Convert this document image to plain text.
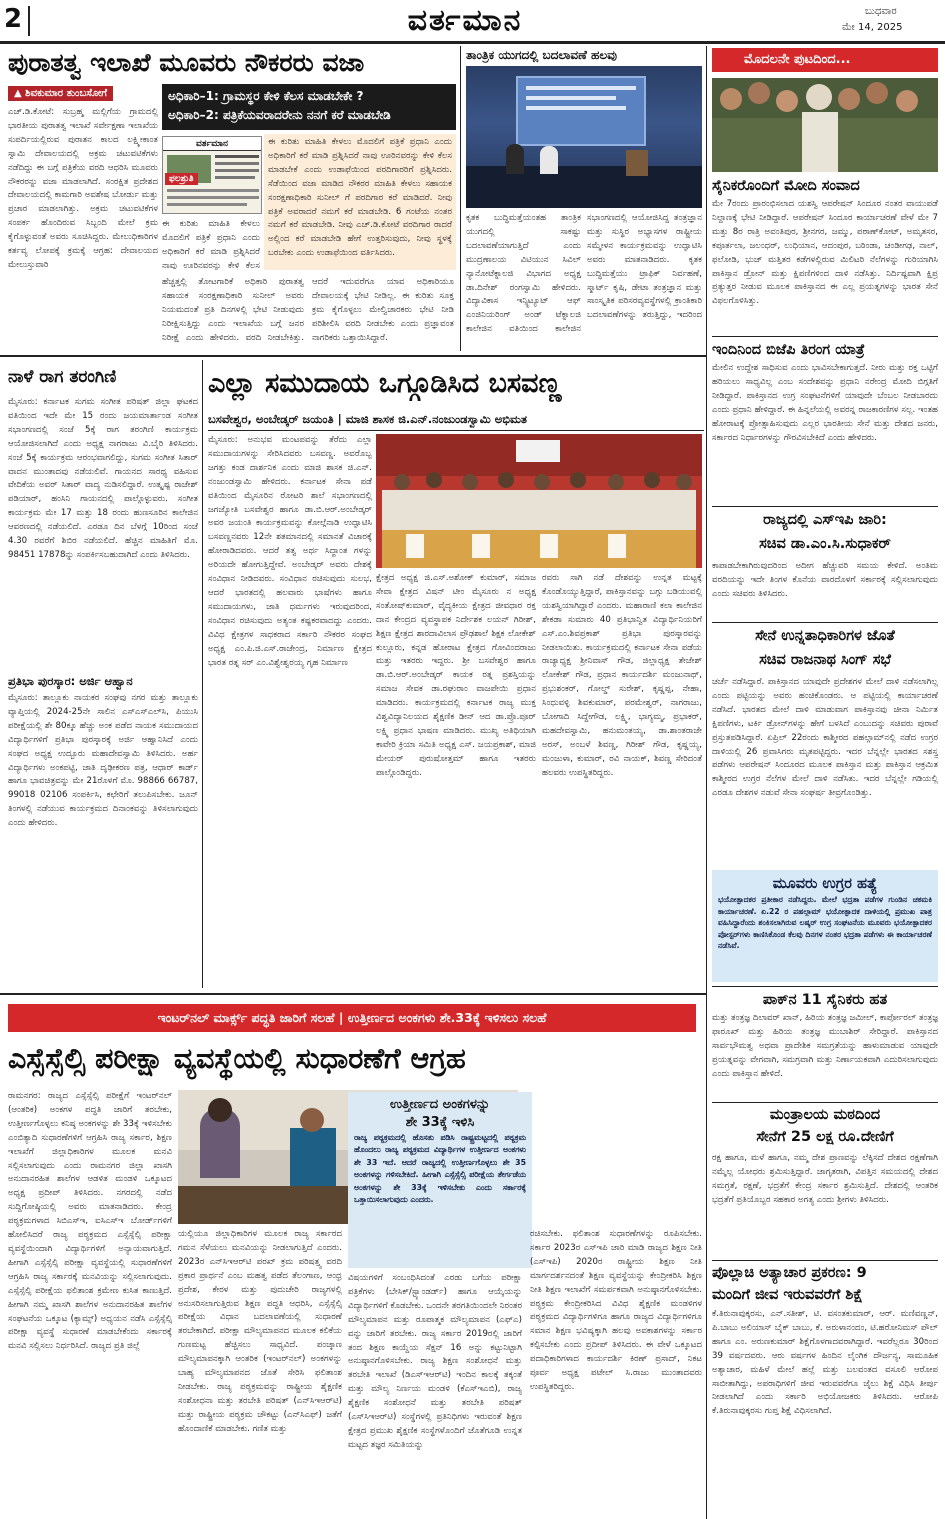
2	ವರ್ತಮಾನ	ಬುಧವಾರ
ಮೇ 14, 2025
ಪುರಾತತ್ವ ಇಲಾಖೆ ಮೂವರು ನೌಕರರು ವಜಾ
▲ ಶಿವಕುಮಾರ ತುಂಬಸೋಗೆ	ಅಧಿಕಾರಿ–1: ಗ್ರಾಮಸ್ಥರ ಕೇಳಿ ಕೆಲಸ ಮಾಡಬೇಕೇ ?
ಅಧಿಕಾರಿ–2: ಪತ್ರಿಕೆಯವರಾದರೇನು ನನಗೆ ಕರೆ ಮಾಡಬೇಡಿ
ಎಚ್.ಡಿ.ಕೋಟೆ: ಸುಬ್ರಹ್ಮ ಮಲ್ಲಿಗೆಯ ಗ್ರಾಮದಲ್ಲಿ ಭಾರತೀಯ ಪುರಾತತ್ವ ಇಲಾಖೆ ಸರ್ವೇಕ್ಷಣಾ ಇಲಾಖೆಯ ಸುಪರ್ದಿಯಲ್ಲಿರುವ ಪುರಾತನ ಕಾಲದ ಲಕ್ಷ್ಮೀಕಾಂತ ಸ್ವಾಮಿ ದೇವಾಲಯದಲ್ಲಿ ಅಕ್ರಮ ಚಟುವಟಿಕೆಗಳು ನಡೆದಿದ್ದು ಈ ಬಗ್ಗೆ ಪತ್ರಿಕೆಯ ವರದಿ ಆಧರಿಸಿ ಮೂವರು ನೌಕರರನ್ನು ವಜಾ ಮಾಡಲಾಗಿದೆ. ಸಂರಕ್ಷಿತ ಪ್ರದೇಶದ ದೇವಾಲಯದಲ್ಲಿ ಕಾಮಗಾರಿ ಅವಶೇಷ ಬೋರ್ಡು ಮತ್ತು ಪ್ರಚಾರ ಮಾಡಲಾಗಿತ್ತು. ಅಕ್ರಮ ಚಟುವಟಿಕೆಗಳ ಸಂಪರ್ಕ ಹೊಂದಿರುವ ಸಿಬ್ಬಂದಿ ಮೇಲೆ ಕ್ರಮ ಕೈಗೊಳ್ಳುವಂತೆ ಅವರು ಸೂಚಿಸಿದ್ದರು. ಮೇಲುಧಿಕಾರಿಗಳ ಕರ್ತವ್ಯ ಲೋಪಕ್ಕೆ ಕ್ರಮಕ್ಕೆ ಆಗ್ರಹ: ದೇವಾಲಯದ ಮೇಲುಸ್ತುವಾರಿ
ವರ್ತಮಾನ
ಫಲಶ್ರುತಿ
ಈ ಕುರಿತು ಮಾಹಿತಿ ಕೇಳಲು ಮೊದಲಿಗೆ ಪತ್ರಿಕೆ ಪ್ರಧಾನಿ ಎಂದು ಅಧಿಕಾರಿಗೆ ಕರೆ ಮಾಡಿ ಪ್ರಶ್ನಿಸಿದರೆ ನಾವು ಊರಿನವರನ್ನು ಕೇಳಿ ಕೆಲಸ ಮಾಡಬೇಕೆ ಎಂದು ಉಡಾಫೆಯಿಂದ ಪರದಿಗಾರರಿಗೆ ಪ್ರಶ್ನಿಸಿದರು. ಸೆಡೆಯಿಂದ ವಜಾ ಮಾಡಿದ ನೌಕರರ ಮಾಹಿತಿ ಕೇಳಲು ಸಹಾಯಕ ಸಂರಕ್ಷಣಾಧಿಕಾರಿ ಸುನೀಲ್ ಗೆ ಪರದಿಗಾರ ಕರೆ ಮಾಡಿದರೆ. ನೀವು ಪತ್ರಿಕೆ ಅವರಾದರೆ ನಮಗೆ ಕರೆ ಮಾಡಬೇಡಿ. 6 ಗಂಟೆಯ ನಂತರ ನಮಗೆ ಕರೆ ಮಾಡಬೇಡಿ. ನೀವು ಎಚ್.ಡಿ.ಕೋಟೆ ವರದಿಗಾರ ರಾದರೆ ಅಲ್ಲಿಂದ ಕರೆ ಮಾಡಬೇಡಿ ಹೇಗೆ ಉತ್ತರಿಸುವುದು, ನೀವು ಸ್ಥಳಕ್ಕೆ ಬರಬೇಕು ಎಂದು ಉಡಾಫೆಯಿಂದ ವರ್ತಿಸಿದರು.
ಈ ಕುರಿತು ಮಾಹಿತಿ ಕೇಳಲು ಮೊದಲಿಗೆ ಪತ್ರಿಕೆ ಪ್ರಧಾನಿ ಎಂದು ಅಧಿಕಾರಿಗೆ ಕರೆ ಮಾಡಿ ಪ್ರಶ್ನಿಸಿದರೆ ನಾವು ಊರಿನವರನ್ನು ಕೇಳಿ ಕೆಲಸ
ಹೆಚ್ಚತ್ತಲ್ಲಿ ತೋಟಗಾರಿಕೆ ಅಧಿಕಾರಿ ಪುರಾತತ್ವ ಸಹಾಯಕ ಸಂರಕ್ಷಣಾಧಿಕಾರಿ ಸುನೀಲ್ ಅವರು ನಿಯಮದಂತೆ ಪ್ರತಿ ದಿನಗಳಲ್ಲಿ ಭೇಟಿ ನೀಡುವುದು ನಿರೀಕ್ಷಿಸುತ್ತಿದ್ದು ಎಂದು ಇಲಾಖೆಯ ಬಗ್ಗೆ ಜನರ ನಿರೀಕ್ಷೆ ಎಂದು ಹೇಳಿದರು. ವರದಿ ನೀಡಬೇಕಿತ್ತು. ಆದರೆ ಇದುವರೆಗೂ ಯಾವ ಅಧಿಕಾರಿಯೂ ದೇವಾಲಯಕ್ಕೆ ಭೇಟಿ ನೀಡಿಲ್ಲ. ಈ ಕುರಿತು ಸೂಕ್ತ ಕ್ರಮ ಕೈಗೊಳ್ಳಲು ಮೇಲ್ವಿಚಾರಕರು ಭೇಟಿ ನೀಡಿ ಪರಿಶೀಲಿಸಿ ವರದಿ ನೀಡಬೇಕು ಎಂದು ಪ್ರಜ್ಞಾವಂತ ನಾಗರಿಕರು ಒತ್ತಾಯಿಸಿದ್ದಾರೆ.
ತಾಂತ್ರಿಕ ಯುಗದಲ್ಲಿ ಬದಲಾವಣೆ ಹಲವು
ಕೃತಕ ಬುದ್ಧಿಮತ್ತೆಯಂತಹ ತಾಂತ್ರಿಕ ಯುಗದಲ್ಲಿ ಸಾಕಷ್ಟು ಬದಲಾವಣೆಯಾಗುತ್ತಿದೆ ಎಂದು ಮುದ್ರಣಾಲಯ ವಿಟಿಯುನ ಸಿವಿಲ್ ನ್ಯಾನೋಟೆಕ್ನಾಲಜಿ ವಿಭಾಗದ ಅಧ್ಯಕ್ಷ ಡಾ.ದಿನೇಶ್ ರಂಗಸ್ವಾಮಿ ಹೇಳಿದರು. ವಿದ್ಯಾವಿಕಾಸ ಇನ್ಸ್ಟಿಟ್ಯೂಟ್ ಆಫ್ ಎಂಜಿನಿಯರಿಂಗ್ ಅಂಡ್ ಟೆಕ್ನಾಲಜಿ ಕಾಲೇಜಿನ ವತಿಯಿಂದ ಕಾಲೇಜಿನ ಸಭಾಂಗಣದಲ್ಲಿ ಆಯೋಜಿಸಿದ್ದ ತಂತ್ರಜ್ಞಾನ ಮತ್ತು ಸುಸ್ಥಿರ ಅಭ್ಯಾಸಗಳ ರಾಷ್ಟ್ರೀಯ ಸಮ್ಮೇಳನ ಕಾರ್ಯಕ್ರಮವನ್ನು ಉದ್ಘಾಟಿಸಿ ಅವರು ಮಾತನಾಡಿದರು. ಕೃತಕ ಬುದ್ಧಿಮತ್ತೆಯು ಟ್ರಾಫಿಕ್ ನಿರ್ವಹಣೆ, ಸ್ಮಾರ್ಟ್ ಕೃಷಿ, ಡೇಟಾ ತಂತ್ರಜ್ಞಾನ ಮತ್ತು ಸಾಂಸ್ಕೃತಿಕ ಪರಿಸರವ್ಯವಸ್ಥೆಗಳಲ್ಲಿ ಕ್ರಾಂತಿಕಾರಿ ಬದಲಾವಣೆಗಳನ್ನು ತರುತ್ತಿದ್ದು, ಇದರಿಂದ
ಮೊದಲನೇ ಪುಟದಿಂದ...
ಸೈನಿಕರೊಂದಿಗೆ ಮೋದಿ ಸಂವಾದ
ಮೇ 7ರಂದು ಪ್ರಾರಂಭಿಸಲಾದ ಯಶಸ್ವಿ ಆಪರೇಷನ್ ಸಿಂದೂರ ನಂತರ ವಾಯುಪಡೆ ನಿಲ್ದಾಣಕ್ಕೆ ಭೇಟಿ ನೀಡಿದ್ದಾರೆ. ಆಪರೇಷನ್ ಸಿಂದೂರ ಕಾರ್ಯಾಚರಣೆ ವೇಳೆ ಮೇ 7 ಮತ್ತು 8ರ ರಾತ್ರಿ ಅವಂತಿಪುರ, ಶ್ರೀನಗರ, ಜಮ್ಮು, ಪಠಾಣ್‌ಕೋಟ್, ಅಮೃತಸರ, ಕಪೂರ್ತಲಾ, ಜಲಂಧರ್, ಲುಧಿಯಾನ, ಆದಂಪುರ, ಬಠಿಂಡಾ, ಚಂಡೀಗಢ, ನಾಲ್, ಫಲೋಡಿ, ಭುಜ್ ಮತ್ತಿತರ ಕಡೆಗಳಲ್ಲಿರುವ ಮಿಲಿಟರಿ ನೆಲೆಗಳನ್ನು ಗುರಿಯಾಗಿಸಿ ಪಾಕಿಸ್ತಾನ ಡ್ರೋನ್ ಮತ್ತು ಕ್ಷಿಪಣಿಗಳಿಂದ ದಾಳಿ ನಡೆಸಿತ್ತು. ನಿರ್ದಿಷ್ಟವಾಗಿ ಕ್ಷಿಪ್ರ ಪ್ರತ್ಯುತ್ತರ ನೀಡುವ ಮೂಲಕ ಪಾಕಿಸ್ತಾನದ ಈ ಎಲ್ಲ ಪ್ರಯತ್ನಗಳನ್ನು ಭಾರತ ಸೇನೆ ವಿಫಲಗೊಳಿಸಿತ್ತು.
ಇಂದಿನಿಂದ ಬಿಜೆಪಿ ತಿರಂಗ ಯಾತ್ರೆ
ಮೇಲಿನ ಉದ್ದೇಶ ಸಾಧಿಸುವ ಎಂದು ಭಾವಿಸಬೇಕಾಗುತ್ತದೆ. ನೀರು ಮತ್ತು ರಕ್ತ ಒಟ್ಟಿಗೆ ಹರಿಯಲು ಸಾಧ್ಯವಿಲ್ಲ ಎಂಬ ಸಂದೇಶವನ್ನು ಪ್ರಧಾನಿ ನರೇಂದ್ರ ಮೋದಿ ಬಿಗ್ಗತಿಗೆ ನೀಡಿದ್ದಾರೆ. ಪಾಕಿಸ್ತಾನದ ಉಗ್ರ ಸಂಘಟನೆಗಳಿಗೆ ಯಾವುದೇ ಬೆಂಬಲ ನೀಡಬಾರದು ಎಂದು ಪ್ರಧಾನಿ ಹೇಳಿದ್ದಾರೆ. ಈ ಹಿನ್ನಲೆಯಲ್ಲಿ ಅವರನ್ನ ರಾಜಕಾರಣಿಗಳ ಸಲ್ಲ. ಇಂತಹ ಹೋರಾಟಕ್ಕೆ ಪ್ರೋತ್ಸಾಹಿಸುವುದು ಎಲ್ಲರ ಭಾರತೀಯ ಸೇನೆ ಮತ್ತು ದೇಶದ ಜನರು, ಸರ್ಕಾರದ ನಿರ್ಧಾರಗಳನ್ನು ಗೌರವಿಸಬೇಕಿದೆ ಎಂದು ಹೇಳಿದರು.
ರಾಜ್ಯದಲ್ಲಿ ಎಸ್‌ಇಪಿ ಜಾರಿ:
ಸಚಿವ ಡಾ.ಎಂ.ಸಿ.ಸುಧಾಕರ್
ಕಾಪಾಡಬೇಕಾಗಿರುವುದರಿಂದ ಅದೀಗ ಹೆಚ್ಚುವರಿ ಸಮಯ ಕೇಳಿದೆ. ಅಂತಿಮ ವರದಿಯನ್ನು ಇದೇ ತಿಂಗಳ ಕೊನೆಯ ವಾರದೊಳಗೆ ಸರ್ಕಾರಕ್ಕೆ ಸಲ್ಲಿಸಲಾಗುವುದು ಎಂದು ಸಚಿವರು ತಿಳಿಸಿದರು.
ಸೇನೆ ಉನ್ನತಾಧಿಕಾರಿಗಳ ಜೊತೆ
ಸಚಿವ ರಾಜನಾಥ ಸಿಂಗ್ ಸಭೆ
ಚರ್ಚೆ ನಡೆಸಿದ್ದಾರೆ. ಪಾಕಿಸ್ತಾನದ ಯಾವುದೇ ಪ್ರದೇಶಗಳ ಮೇಲೆ ದಾಳಿ ನಡೆಸಲಾಗಿಲ್ಲ ಎಂದು ಪಟ್ಟಿಯನ್ನು ಅವರು ಹಂಚಿಕೊಂಡರು. ಆ ಪಟ್ಟಿಯಲ್ಲಿ ಕಾರ್ಯಾಚರಣೆ ನಡೆಸಿದೆ. ಭಾರತದ ಮೇಲೆ ದಾಳಿ ಮಾಡುವಾಗ ಪಾಕಿಸ್ತಾನವು ಚೀನಾ ನಿರ್ಮಿತ ಕ್ಷಿಪಣಿಗಳು, ಟರ್ಕಿ ಡ್ರೋನ್‌ಗಳನ್ನು ಹೇಗೆ ಬಳಸಿದೆ ಎಂಬುದನ್ನು ಸಚಿವರು ಪುರಾವೆ ಪ್ರಸ್ತುತಪಡಿಸಿದ್ದಾರೆ. ಏಪ್ರಿಲ್ 22ರಂದು ಕಾಶ್ಮೀರದ ಪಹಲ್ಗಾಮ್‌ನಲ್ಲಿ ನಡೆದ ಉಗ್ರರ ದಾಳಿಯಲ್ಲಿ 26 ಪ್ರವಾಸಿಗರು ಮೃತಪಟ್ಟಿದ್ದರು. ಇದರ ಬೆನ್ನಲ್ಲೇ ಭಾರತದ ಸಶಸ್ತ್ರ ಪಡೆಗಳು ಆಪರೇಷನ್ ಸಿಂದೂರದ ಮೂಲಕ ಪಾಕಿಸ್ತಾನ ಮತ್ತು ಪಾಕಿಸ್ತಾನ ಆಕ್ರಮಿತ ಕಾಶ್ಮೀರದ ಉಗ್ರರ ನೆಲೆಗಳ ಮೇಲೆ ದಾಳಿ ನಡೆಸಿತು. ಇದರ ಬೆನ್ನಲ್ಲೇ ಗಡಿಯಲ್ಲಿ ಎರಡೂ ದೇಶಗಳ ನಡುವೆ ಸೇನಾ ಸಂಘರ್ಷ ತೀವ್ರಗೊಂಡಿತ್ತು.
ಮೂವರು ಉಗ್ರರ ಹತ್ಯೆ
ಭಯೋತ್ಪಾದಕರ ಪ್ರತೀಕಾರ ನಡೆಸಿದ್ದರು. ಮೇಲೆ ಭದ್ರತಾ ಪಡೆಗಳ ಗುಂಡಿನ ಚಕಮಕಿ ಕಾರ್ಯಾಚರಣೆ. ಏ.22 ರ ಪಹಲ್ಗಾಮ್ ಭಯೋತ್ಪಾದಕ ದಾಳಿಯಲ್ಲಿ ಪ್ರಮುಖ ಪಾತ್ರ ವಹಿಸಿದ್ದಾರೆಂದು ಶಂಕಿಸಲಾಗಿರುವ ಲಷ್ಕರ್ ಉಗ್ರ ಸಂಘಟನೆಯ ಮೂವರು ಭಯೋತ್ಪಾದಕರ ಪೋಸ್ಟರ್‌ಗಳು ಕಾಣಿಸಿಕೊಂಡ ಕೆಲವು ದಿನಗಳ ನಂತರ ಭದ್ರತಾ ಪಡೆಗಳು ಈ ಕಾರ್ಯಾಚರಣೆ ನಡೆಸಿವೆ.
ಪಾಕ್‌ನ 11 ಸೈನಿಕರು ಹತ
ಮತ್ತು ತಂತ್ರಜ್ಞ ದಿಲಾವರ್ ಖಾನ್, ಹಿರಿಯ ತಂತ್ರಜ್ಞ ಜಮೀಲ್, ಕಾರ್ಪೋರಲ್ ತಂತ್ರಜ್ಞ ಫಾರೂಖ್ ಮತ್ತು ಹಿರಿಯ ತಂತ್ರಜ್ಞ ಮುಬಾಶಿರ್ ಸೇರಿದ್ದಾರೆ. ಪಾಕಿಸ್ತಾನದ ಸಾರ್ವಭೌಮತ್ವ ಅಥವಾ ಪ್ರಾದೇಶಿಕ ಸಮಗ್ರತೆಯನ್ನು ಹಾಳುಮಾಡುವ ಯಾವುದೇ ಪ್ರಯತ್ನವನ್ನು ವೇಗವಾಗಿ, ಸಮಗ್ರವಾಗಿ ಮತ್ತು ನಿರ್ಣಾಯಕವಾಗಿ ಎದುರಿಸಲಾಗುವುದು ಎಂದು ಪಾಕಿಸ್ತಾನ ಹೇಳಿದೆ.
ಮಂತ್ರಾಲಯ ಮಠದಿಂದ
ಸೇನೆಗೆ 25 ಲಕ್ಷ ರೂ.ದೇಣಿಗೆ
ರಕ್ಷ ಹಾಗೂ, ಮಳೆ ಹಾಗೂ, ನಮ್ಮ ದೇಶ ಪ್ರಾಣವನ್ನು ಲೆಕ್ಕಿಸದೆ ದೇಶದ ರಕ್ಷಣೆಗಾಗಿ ನಮ್ಮೆಲ್ಲ ಯೋಧರು ಶ್ರಮಿಸುತ್ತಿದ್ದಾರೆ. ಜಾಗೃತರಾಗಿ, ವಿಪತ್ತಿನ ಸಮಯದಲ್ಲಿ ದೇಶದ ಸಮಗ್ರತೆ, ರಕ್ಷಣೆ, ಭದ್ರತೆಗೆ ಕೇಂದ್ರ ಸರ್ಕಾರ ಶ್ರಮಿಸುತ್ತಿದೆ. ದೇಶದಲ್ಲಿ ಆಂತರಿಕ ಭದ್ರತೆಗೆ ಪ್ರತಿಯೊಬ್ಬರ ಸಹಕಾರ ಅಗತ್ಯ ಎಂದು ಶ್ರೀಗಳು ತಿಳಿಸಿದರು.
ಪೊಲ್ಲಾಚಿ ಅತ್ಯಾಚಾರ ಪ್ರಕರಣ: 9
ಮಂದಿಗೆ ಜೀವ ಇರುವವರೆಗೆ ಶಿಕ್ಷೆ
ಕೆ.ತಿರುನಾವುಕ್ಕರಸು, ಎನ್.ಸತೀಶ್, ಟಿ. ವಸಂತಕುಮಾರ್, ಆರ್. ಮಣಿವಣ್ಣನ್, ಪಿ.ಬಾಬು ಅಲಿಯಾಸ್ ಬೈಕ್ ಬಾಬು, ಕೆ. ಅರುಳಾನಂದಂ, ಟಿ.ಹರೋನಿಮಸ್ ಪೌಲ್ ಹಾಗೂ ಎಂ. ಅರುಣಕುಮಾರ್ ಶಿಕ್ಷೆಗೊಳಗಾದವರಾಗಿದ್ದಾರೆ. ಇವರೆಲ್ಲರೂ 30ರಿಂದ 39 ವರ್ಷದವರು. ಆರು ವರ್ಷಗಳ ಹಿಂದಿನ ಲೈಂಗಿಕ ದೌರ್ಜನ್ಯ, ಸಾಮೂಹಿಕ ಅತ್ಯಾಚಾರ, ಮಹಿಳೆ ಮೇಲೆ ಹಲ್ಲೆ ಮತ್ತು ಬಲವಂತದ ವಸೂಲಿ ಆರೋಪ ಸಾಬೀತಾಗಿದ್ದು, ಅಪರಾಧಿಗಳಿಗೆ ಜೀವ ಇರುವವರೆಗೂ ಜೈಲು ಶಿಕ್ಷೆ ವಿಧಿಸಿ ತೀರ್ಪು ನೀಡಲಾಗಿದೆ ಎಂದು ಸರ್ಕಾರಿ ಅಭಿಯೋಜಕರು ತಿಳಿಸಿದರು. ಆರೋಪಿ ಕೆ.ತಿರುನಾವುಕ್ಕರಸು ಗುಪ್ತ ಶಿಕ್ಷೆ ವಿಧಿಸಲಾಗಿದೆ.
ನಾಳೆ ರಾಗ ತರಂಗಿಣಿ
ಮೈಸೂರು: ಕರ್ನಾಟಕ ಸುಗಮ ಸಂಗೀತ ಪರಿಷತ್ ಜಿಲ್ಲಾ ಘಟಕದ ವತಿಯಿಂದ ಇದೇ ಮೇ 15 ರಂದು ಜಯಮಾರ್ತಾಂಡ ಸಂಗೀತ ಸಭಾಂಗಣದಲ್ಲಿ ಸಂಜೆ 5ಕ್ಕೆ ರಾಗ ತರಂಗಿಣಿ ಕಾರ್ಯಕ್ರಮ ಆಯೋಜಿಸಲಾಗಿದೆ ಎಂದು ಅಧ್ಯಕ್ಷ ನಾಗರಾಜು ವಿ.ಬೈರಿ ತಿಳಿಸಿದರು. ಸಂಜೆ 5ಕ್ಕೆ ಕಾರ್ಯಕ್ರಮ ಆರಂಭವಾಗಲಿದ್ದು, ಸುಗಮ ಸಂಗೀತ ಸಿತಾರ್ ವಾದನ ಮುಂತಾದವು ನಡೆಯಲಿವೆ. ಗಾಯನದ ಸಾರಥ್ಯ ವಹಿಸುವ ವೇದಿಕೆಯ ಅವರ್ ಸಿತಾರ್ ವಾದ್ಯ ನುಡಿಸಲಿದ್ದಾರೆ. ಉತ್ಕೃಷ್ಟ ರಾಜೇಶ್ ಪಡಿಯಾರ್, ಹಂಸಿನಿ ಗಾಯನದಲ್ಲಿ ಪಾಲ್ಗೊಳ್ಳುವರು. ಸಂಗೀತ ಕಾರ್ಯಕ್ರಮ ಮೇ 17 ಮತ್ತು 18 ರಂದು ಹುಣಸೂರಿನ ಕಾಲೇಜಿನ ಆವರಣದಲ್ಲಿ ನಡೆಯಲಿದೆ. ಎರಡೂ ದಿನ ಬೆಳಗ್ಗೆ 10ರಿಂದ ಸಂಜೆ 4.30 ರವರೆಗೆ ಶಿಬಿರ ನಡೆಯಲಿದೆ. ಹೆಚ್ಚಿನ ಮಾಹಿತಿಗೆ ಮೊ. 98451 17878ನ್ನು ಸಂಪರ್ಕಿಸಬಹುದಾಗಿದೆ ಎಂದು ತಿಳಿಸಿದರು.
ಪ್ರತಿಭಾ ಪುರಸ್ಕಾರ: ಅರ್ಜಿ ಆಹ್ವಾನ
ಮೈಸೂರು: ತಾಲ್ಲೂಕು ನಾಯಕರ ಸಂಘವು ನಗರ ಮತ್ತು ತಾಲ್ಲೂಕು ವ್ಯಾಪ್ತಿಯಲ್ಲಿ 2024-25ನೇ ಸಾಲಿನ ಎಸ್‌ಎಸ್‌ಎಲ್‌ಸಿ, ಪಿಯುಸಿ ಪರೀಕ್ಷೆಯಲ್ಲಿ ಶೇ 80ಕ್ಕೂ ಹೆಚ್ಚು ಅಂಕ ಪಡೆದ ನಾಯಕ ಸಮುದಾಯದ ವಿದ್ಯಾರ್ಥಿಗಳಿಗೆ ಪ್ರತಿಭಾ ಪುರಸ್ಕಾರಕ್ಕೆ ಅರ್ಜಿ ಆಹ್ವಾನಿಸಿದೆ ಎಂದು ಸಂಘದ ಅಧ್ಯಕ್ಷ ಉದ್ಬೂರು ಮಹಾದೇವಸ್ವಾಮಿ ತಿಳಿಸಿದರು. ಅರ್ಹ ವಿದ್ಯಾರ್ಥಿಗಳು ಅಂಕಪಟ್ಟಿ, ಜಾತಿ ದೃಢೀಕರಣ ಪತ್ರ, ಆಧಾರ್ ಕಾರ್ಡ್ ಹಾಗೂ ಭಾವಚಿತ್ರವನ್ನು ಮೇ 21ರೊಳಗೆ ಮೊ. 98866 66787, 99018 02106 ಸಂಪರ್ಕಿಸಿ, ಕಛೇರಿಗೆ ತಲುಪಿಸಬೇಕು. ಜೂನ್ ತಿಂಗಳಲ್ಲಿ ನಡೆಯುವ ಕಾರ್ಯಕ್ರಮದ ದಿನಾಂಕವನ್ನು ತಿಳಿಸಲಾಗುವುದು ಎಂದು ಹೇಳಿದರು.
ಎಲ್ಲಾ ಸಮುದಾಯ ಒಗ್ಗೂಡಿಸಿದ ಬಸವಣ್ಣ
ಬಸವೇಶ್ವರ, ಅಂಬೇಡ್ಕರ್ ಜಯಂತಿ | ಮಾಜಿ ಶಾಸಕ ಜಿ.ಎನ್.ನಂಜುಂಡಸ್ವಾಮಿ ಅಭಿಮತ
ಮೈಸೂರು: ಅನುಭವ ಮಂಟಪವನ್ನು ತೆರೆದು ಎಲ್ಲಾ ಸಮುದಾಯಗಳನ್ನು ಸೇರಿಸಿದವರು ಬಸವಣ್ಣ. ಅವರೊಬ್ಬ ಜಗತ್ತು ಕಂಡ ದಾರ್ಶನಿಕ ಎಂದು ಮಾಜಿ ಶಾಸಕ ಜಿ.ಎನ್. ನಂಜುಂಡಸ್ವಾಮಿ ಹೇಳಿದರು. ಕರ್ನಾಟಕ ಸೇನಾ ಪಡೆ ವತಿಯಿಂದ ಮೈಸೂರಿನ ರೋಟರಿ ಶಾಲೆ ಸಭಾಂಗಣದಲ್ಲಿ ಜಗಜ್ಯೋತಿ ಬಸವೇಶ್ವರ ಹಾಗೂ ಡಾ.ಬಿ.ಆರ್.ಅಂಬೇಡ್ಕರ್ ಅವರ ಜಯಂತಿ ಕಾರ್ಯಕ್ರಮವನ್ನು ಕೋಲ್ಗೆನಾಡಿ ಉದ್ಘಾಟಿಸಿ ಬಸವಣ್ಣನವರು 12ನೇ ಶತಮಾನದಲ್ಲಿ ಸಮಾನತೆ ವಿಚಾರಕ್ಕೆ ಹೋರಾಡಿದವರು. ಆದರೆ ತತ್ವ ಅರ್ಥ ಸಿದ್ಧಾಂತ ಗಳನ್ನು ಅರಿಯದೇ ಹೋಗುತ್ತಿದ್ದೇವೆ. ಅಂಬೇಡ್ಕರ್ ಅವರು ದೇಶಕ್ಕೆ ಸಂವಿಧಾನ ನೀಡಿದವರು. ಸಂವಿಧಾನ ರಚಿಸುವುದು ಸುಲಭ, ಆದರೆ ಭಾರತದಲ್ಲಿ ಹಲವಾರು ಭಾಷೆಗಳು ಹಾಗೂ ಸಮುದಾಯಗಳು, ಜಾತಿ ಧರ್ಮಗಳು ಇರುವುದರಿಂದ, ಸಂವಿಧಾನ ರಚಿಸುವುದು ಅತ್ಯಂತ ಕಷ್ಟಕರವಾದದ್ದು ಎಂದರು. ವಿವಿಧ ಕ್ಷೇತ್ರಗಳ ಸಾಧಕರಾದ ಸರ್ಕಾರಿ ನೌಕರರ ಸಂಘದ ಅಧ್ಯಕ್ಷ ಎಂ.ಪಿ.ಜಿ.ಎಸ್.ರಾಜೇಂದ್ರ, ನಿರ್ಮಾಣ ಕ್ಷೇತ್ರದ ಭಾರತ ರತ್ನ ಸರ್ ಎಂ.ವಿಶ್ವೇಶ್ವರಯ್ಯ ಗೃಹ ನಿರ್ಮಾಣ
ಕ್ಷೇತ್ರದ ಅಧ್ಯಕ್ಷ ಜಿ.ಎಸ್.ಅಶೋಕ್ ಕುಮಾರ್, ಸಮಾಜ ಸೇವಾ ಕ್ಷೇತ್ರದ ವಿಷನ್ ಟೀಂ ಮೈಸೂರು ನ ಅಧ್ಯಕ್ಷ ಸಂತೋಷ್‌ಕುಮಾರ್, ವೈದ್ಯಕೀಯ ಕ್ಷೇತ್ರದ ಜೀವಧಾರ ರಕ್ತ ದಾನ ಕೇಂದ್ರದ ವ್ಯವಸ್ಥಾಪಕ ನಿರ್ದೇಶಕ ಲಯನ್ ಗಿರೀಶ್, ಶಿಕ್ಷಣ ಕ್ಷೇತ್ರದ ಶಾರದಾವಿಲಾಸ ಪ್ರೌಢಶಾಲೆ ಶಿಕ್ಷಕ ಲೋಕೇಶ್ ಕುಲ್ಲೂರು, ಕನ್ನಡ ಹೋರಾಟ ಕ್ಷೇತ್ರದ ಗೋವಿಂದರಾಜು ಮತ್ತು ಇತರರು ಇದ್ದರು. ಶ್ರೀ ಬಸವೇಶ್ವರ ಹಾಗೂ ಡಾ.ಬಿ.ಆರ್.ಅಂಬೇಡ್ಕರ್ ಕಾಯಕ ರತ್ನ ಪ್ರಶಸ್ತಿಯನ್ನು ಸಮಾಜ ಸೇವಕ ಡಾ.ರಘುರಾಂ ವಾಜಪೇಯಿ ಪ್ರಧಾನ ಮಾಡಿದರು. ಕಾರ್ಯಕ್ರಮದಲ್ಲಿ ಕರ್ನಾಟಕ ರಾಜ್ಯ ಮುಕ್ತ ವಿಶ್ವವಿದ್ಯಾನಿಲಯದ ಶೈಕ್ಷಣಿಕ ಡೀನ್ ಆದ ಡಾ.ಪ್ರೊ.ಪೂರ್ ಲಕ್ಷ್ಮಿ ಪ್ರಧಾನ ಭಾಷಣ ಮಾಡಿದರು. ಮುಖ್ಯ ಅತಿಥಿಯಾಗಿ ಕಾವೇರಿ ಕ್ರಿಯಾ ಸಮಿತಿ ಅಧ್ಯಕ್ಷ ಎಸ್. ಜಯಪ್ರಕಾಶ್, ಮಾಜಿ ಮೇಯರ್ ಪುರುಷೋತ್ತಮ್ ಹಾಗೂ ಇತರರು ಪಾಲ್ಗೊಂಡಿದ್ದರು.
ರವರು ಸಾಗಿ ನಡೆ ದೇಶವನ್ನು ಉನ್ನತ ಮಟ್ಟಕ್ಕೆ ಕೊಂಡೊಯ್ಯುತ್ತಿದ್ದಾರೆ, ಪಾಕಿಸ್ತಾನವನ್ನು ಬಗ್ಗು ಬಡಿಯುವಲ್ಲಿ ಯಶಸ್ವಿಯಾಗಿದ್ದಾರೆ ಎಂದರು. ಮಹಾರಾಣಿ ಕಲಾ ಕಾಲೇಜಿನ ಶೇಕಡಾ ಸುಮಾರು 40 ಪ್ರತಿಭಾನ್ವಿತ ವಿದ್ಯಾರ್ಥಿನಿಯರಿಗೆ ಎಸ್.ಎಂ.ಶಿವಪ್ರಕಾಶ್ ಪ್ರತಿಭಾ ಪುರಸ್ಕಾರವನ್ನು ನೀಡಲಾಯಿತು. ಕಾರ್ಯಕ್ರಮದಲ್ಲಿ ಕರ್ನಾಟಕ ಸೇನಾ ಪಡೆಯ ರಾಜ್ಯಾಧ್ಯಕ್ಷ ಶ್ರೀನಿವಾಸ್ ಗೌಡ, ಜಿಲ್ಲಾಧ್ಯಕ್ಷ ತೇಜೇಶ್ ಲೋಕೇಶ್ ಗೌಡ, ಪ್ರಧಾನ ಕಾರ್ಯದರ್ಶಿ ಮಂಜುನಾಥ್, ಪ್ರಭುಶಂಕರ್, ಗೋಲ್ಡ್ ಸುರೇಶ್, ಕೃಷ್ಣಪ್ಪ, ನೇಹಾ, ಸಿಂಧುವಳ್ಳಿ ಶಿವಕುಮಾರ್, ಪರಮೇಶ್ವರ್, ನಾಗರಾಜು, ಬೋಗಾದಿ ಸಿದ್ದೇಗೌಡ, ಲಕ್ಷ್ಮಿ, ಭಾಗ್ಯಮ್ಮ, ಪ್ರಭಾಕರ್, ಮಹದೇವಸ್ವಾಮಿ, ಹನುಮಂತಯ್ಯ, ಡಾ.ಶಾಂತರಾಜೇ ಅರಸ್, ಅಂಬಳೆ ಶಿವಣ್ಣ, ಗಿರೀಶ್ ಗೌಡ, ಕೃಷ್ಣಯ್ಯ, ಮಂಜುಳಾ, ಕುಮಾರ್, ರವಿ ನಾಯಕ್, ಶಿವಣ್ಣ ಸೇರಿದಂತೆ ಹಲವರು ಉಪಸ್ಥಿತರಿದ್ದರು.
ಇಂಟರ್‌ನಲ್ ಮಾರ್ಕ್ಸ್ ಪದ್ಧತಿ ಜಾರಿಗೆ ಸಲಹೆ | ಉತ್ತೀರ್ಣದ ಅಂಕಗಳು ಶೇ.33ಕ್ಕೆ ಇಳಿಸಲು ಸಲಹೆ
ಎಸ್ಸೆಸ್ಸೆಲ್ಸಿ ಪರೀಕ್ಷಾ ವ್ಯವಸ್ಥೆಯಲ್ಲಿ ಸುಧಾರಣೆಗೆ ಆಗ್ರಹ
ರಾಮನಗರ: ರಾಜ್ಯದ ಎಸ್ಸೆಸ್ಸೆಲ್ಸಿ ಪರೀಕ್ಷೆಗೆ ಇಂಟರ್‌ನಲ್ (ಆಂತರಿಕ) ಅಂಕಗಳ ಪದ್ಧತಿ ಜಾರಿಗೆ ತರಬೇಕು, ಉತ್ತೀರ್ಣಗೊಳ್ಳಲು ಕನಿಷ್ಠ ಅಂಕಗಳನ್ನು ಶೇ 33ಕ್ಕೆ ಇಳಿಸಬೇಕು ಎಂಬಿತ್ಯಾದಿ ಸುಧಾರಣೆಗಳಿಗೆ ಆಗ್ರಹಿಸಿ ರಾಜ್ಯ ಸರ್ಕಾರ, ಶಿಕ್ಷಣ ಇಲಾಖೆಗೆ ಜಿಲ್ಲಾಧಿಕಾರಿಗಳ ಮೂಲಕ ಮನವಿ ಸಲ್ಲಿಸಲಾಗುವುದು ಎಂದು ರಾಮನಗರ ಜಿಲ್ಲಾ ಖಾಸಗಿ ಅನುದಾನರಹಿತ ಶಾಲೆಗಳ ಆಡಳಿತ ಮಂಡಳಿ ಒಕ್ಕೂಟದ ಅಧ್ಯಕ್ಷ ಪ್ರದೀಪ್ ತಿಳಿಸಿದರು. ನಗರದಲ್ಲಿ ನಡೆದ ಸುದ್ದಿಗೋಷ್ಠಿಯಲ್ಲಿ ಅವರು ಮಾತನಾಡಿದರು. ಕೇಂದ್ರ ಪಠ್ಯಕ್ರಮಗಳಾದ ಸಿಬಿಎಸ್‌ಇ, ಐಸಿಎಸ್‌ಇ ಬೋರ್ಡ್‌ಗಳಿಗೆ ಹೋಲಿಸಿದರೆ ರಾಜ್ಯ ಪಠ್ಯಕ್ರಮದ ಎಸ್ಸೆಸ್ಸೆಲ್ಸಿ ಪರೀಕ್ಷಾ ವ್ಯವಸ್ಥೆಯಿಂದಾಗಿ ವಿದ್ಯಾರ್ಥಿಗಳಿಗೆ ಅನ್ಯಾಯವಾಗುತ್ತಿದೆ. ಹೀಗಾಗಿ ಎಸ್ಸೆಸ್ಸೆಲ್ಸಿ ಪರೀಕ್ಷಾ ವ್ಯವಸ್ಥೆಯಲ್ಲಿ ಸುಧಾರಣೆಗಳಿಗೆ ಆಗ್ರಹಿಸಿ ರಾಜ್ಯ ಸರ್ಕಾರಕ್ಕೆ ಮನವಿಯನ್ನು ಸಲ್ಲಿಸಲಾಗುವುದು. ಎಸ್ಸೆಸ್ಸೆಲ್ಸಿ ಪರೀಕ್ಷೆಯ ಫಲಿತಾಂಶ ಕ್ರಮೇಣ ಕುಸಿತ ಕಾಣುತ್ತಿದೆ. ಹೀಗಾಗಿ ನಮ್ಮ ಖಾಸಗಿ ಶಾಲೆಗಳ ಅನುದಾನರಹಿತ ಶಾಲೆಗಳ ಸಂಘಟನೆಯ ಒಕ್ಕೂಟ (ಕ್ಯಾಮ್ಸ್) ಅಧ್ಯಯನ ನಡೆಸಿ ಎಸ್ಸೆಸ್ಸೆಲ್ಸಿ ಪರೀಕ್ಷಾ ವ್ಯವಸ್ಥೆ ಸುಧಾರಣೆ ಮಾಡಬೇಕೆಂದು ಸರ್ಕಾರಕ್ಕೆ ಮನವಿ ಸಲ್ಲಿಸಲು ನಿರ್ಧರಿಸಿದೆ. ರಾಜ್ಯದ ಪ್ರತಿ ಜಿಲ್ಲೆ
ಯಲ್ಲಿಯೂ ಜಿಲ್ಲಾಧಿಕಾರಿಗಳ ಮೂಲಕ ರಾಜ್ಯ ಸರ್ಕಾರದ ಗಮನ ಸೆಳೆಯಲು ಮನವಿಯನ್ನು ನೀಡಲಾಗುತ್ತಿದೆ ಎಂದರು. 2023ರ ಎನ್‌ಸಿಇಆರ್‌ಟಿ ಪರಖ್ ಕ್ರಮ ಪರಿಷತ್ತ್ವ ವರದಿ ಪ್ರಕಾರ ಪ್ರಾರ್ಥನೆ ಎಂಬ ಮಹತ್ವ ಪಡೆದ ತೆಲಂಗಾಣ, ಆಂಧ್ರ ಪ್ರದೇಶ, ಕೇರಳ ಮತ್ತು ಪುದುಚೇರಿ ರಾಜ್ಯಗಳಲ್ಲಿ ಅನುಸರಿಸಲಾಗುತ್ತಿರುವ ಶಿಕ್ಷಣ ಪದ್ಧತಿ ಆಧರಿಸಿ, ಎಸ್ಸೆಸ್ಸೆಲ್ಸಿ ಪರೀಕ್ಷೆಯ ವಿಧಾನ ಬದಲಾವಣೆಯಲ್ಲಿ ಸುಧಾರಣೆ ತರಬೇಕಾಗಿದೆ. ಪರೀಕ್ಷಾ ಮೌಲ್ಯಮಾಪನದ ಮೂಲಕ ಕಲಿಕೆಯ ಗುಣಮಟ್ಟ ಹೆಚ್ಚಿಸಲು ಸಾಧ್ಯವಿದೆ. ಪಂಚ್ಕಾಣ ಮೌಲ್ಯಮಾಪನಕ್ಕಾಗಿ ಆಂತರಿಕ (ಇಂಟರ್‌ನಲ್) ಅಂಕಗಳನ್ನು ಬಾಹ್ಯ ಮೌಲ್ಯಮಾಪನದ ಜೊತೆ ಸೇರಿಸಿ ಫಲಿತಾಂಶ ನೀಡಬೇಕು. ರಾಜ್ಯ ಪಠ್ಯಕ್ರಮವನ್ನು ರಾಷ್ಟ್ರೀಯ ಶೈಕ್ಷಣಿಕ ಸಂಶೋಧನಾ ಮತ್ತು ತರಬೇತಿ ಪರಿಷತ್ (ಎನ್‌ಸಿಇಆರ್‌ಟಿ) ಮತ್ತು ರಾಷ್ಟ್ರೀಯ ಪಠ್ಯಕ್ರಮ ಚೌಕಟ್ಟು (ಎನ್‌ಸಿಎಫ್) ಜತೆಗೆ ಹೊಂದಾಣಿಕೆ ಮಾಡಬೇಕು. ಗಣಿತ ಮತ್ತು
ಉತ್ತೀರ್ಣದ ಅಂಕಗಳನ್ನು
ಶೇ 33ಕ್ಕೆ ಇಳಿಸಿ
ರಾಜ್ಯ ಪಠ್ಯಕ್ರಮದಲ್ಲಿ ಹೊಸತು ಪಡಿಸಿ ರಾಷ್ಟ್ರಮಟ್ಟದಲ್ಲಿ ಪಠ್ಯಕ್ರಮ ಹೊಂದಲು ರಾಜ್ಯ ಪಠ್ಯಕ್ರಮದ ವಿದ್ಯಾರ್ಥಿಗಳ ಉತ್ತೀರ್ಣದ ಅಂಕಗಳು ಶೇ 33 ಇದೆ. ಆದರೆ ರಾಜ್ಯದಲ್ಲಿ ಉತ್ತೀರ್ಣಗೊಳ್ಳಲು ಶೇ 35 ಅಂಕಗಳನ್ನು ಗಳಿಸಬೇಕಿದೆ. ಹೀಗಾಗಿ ಎಸ್ಸೆಸ್ಸೆಲ್ಸಿ ಪರೀಕ್ಷೆಯ ತೇರ್ಗಡೆಯ ಅಂಕಗಳನ್ನು ಶೇ 33ಕ್ಕೆ ಇಳಿಸಬೇಕು ಎಂದು ಸರ್ಕಾರಕ್ಕೆ ಒತ್ತಾಯಿಸಲಾಗುವುದು ಎಂದರು.
ವಿಷಯಗಳಿಗೆ ಸಂಬಂಧಿಸಿದಂತೆ ಎರಡು ಬಗೆಯ ಪರೀಕ್ಷಾ ಪತ್ರಿಕೆಗಳು (ಬೇಸಿಕ್/ಸ್ಟ್ಯಾಂಡರ್ಡ್) ಹಾಗೂ ಆಯ್ಕೆಯನ್ನು ವಿದ್ಯಾರ್ಥಿಗಳಿಗೆ ಕೊಡಬೇಕು. ಒಂದನೇ ತರಗತಿಯಿಂದಲೇ ನಿರಂತರ ಮೌಲ್ಯಮಾಪನ ಮತ್ತು ರೂಪಾತ್ಮಕ ಮೌಲ್ಯಮಾಪನ (ಎಫ್‌ಎ) ವನ್ನು ಜಾರಿಗೆ ತರಬೇಕು. ರಾಜ್ಯ ಸರ್ಕಾರ 2019ರಲ್ಲಿ ಜಾರಿಗೆ ತಂದ ಶಿಕ್ಷಣ ಕಾಯ್ದೆಯ ಸೆಕ್ಷನ್ 16 ಅನ್ನು ಕಟ್ಟುನಿಟ್ಟಾಗಿ ಅನುಷ್ಠಾನಗೊಳಿಸಬೇಕು. ರಾಜ್ಯ ಶಿಕ್ಷಣ ಸಂಶೋಧನೆ ಮತ್ತು ತರಬೇತಿ ಇಲಾಖೆ (ಡಿಎಸ್‌ಇಆರ್‌ಟಿ) ಇಂದಿನ ಕಾಲಕ್ಕೆ ತಕ್ಕಂತೆ ಮತ್ತು ಮೌಲ್ಯ ನಿರ್ಣಯ ಮಂಡಳಿ (ಕೆಎಸ್‌ಇಎಬಿ), ರಾಜ್ಯ ಶೈಕ್ಷಣಿಕ ಸಂಶೋಧನೆ ಮತ್ತು ತರಬೇತಿ ಪರಿಷತ್ (ಎಸ್‌ಸಿಇಆರ್‌ಟಿ) ಸಂಸ್ಥೆಗಳಲ್ಲಿ ಪ್ರತಿನಿಧಿಗಳು ಇರುವಂತೆ ಶಿಕ್ಷಣ ಕ್ಷೇತ್ರದ ಪ್ರಮುಖ ಶೈಕ್ಷಣಿಕ ಸಂಸ್ಥೆಗಳೊಂದಿಗೆ ಜೊತೆಗೂಡಿ ಉನ್ನತ ಮಟ್ಟದ ತಜ್ಞರ ಸಮಿತಿಯನ್ನು
ರಚಿಸಬೇಕು. ಫಲಿತಾಂಶ ಸುಧಾರಣೆಗಳನ್ನು ರೂಪಿಸಬೇಕು. ಸರ್ಕಾರ 2023ರ ಎಸ್‌ಇಪಿ ಜಾರಿ ಮಾಡಿ ರಾಜ್ಯದ ಶಿಕ್ಷಣ ನೀತಿ (ಎಸ್‌ಇಪಿ) 2020ರ ರಾಷ್ಟ್ರೀಯ ಶಿಕ್ಷಣ ನೀತಿ ಮಾರ್ಗದರ್ಶನದಂತೆ ಶಿಕ್ಷಣ ವ್ಯವಸ್ಥೆಯನ್ನು ಕೇಂದ್ರೀಕರಿಸಿ ಶಿಕ್ಷಣ ನೀತಿ ಶಿಕ್ಷಣ ಇಲಾಖೆಗೆ ಸಮರ್ಪಕವಾಗಿ ಅನುಷ್ಠಾನಗೊಳಿಸಬೇಕು. ಪಠ್ಯಕ್ರಮ ಕೇಂದ್ರೀಕರಿಸಿದ ವಿವಿಧ ಶೈಕ್ಷಣಿಕ ಮಂಡಳಿಗಳ ಪಠ್ಯಕ್ರಮದ ವಿದ್ಯಾರ್ಥಿಗಳಿಗೂ ಹಾಗೂ ರಾಜ್ಯದ ವಿದ್ಯಾರ್ಥಿಗಳಿಗೂ ಸಮಾನ ಶಿಕ್ಷಣ ಭವಿಷ್ಯಕ್ಕಾಗಿ ಹಲವು ಅವಕಾಶಗಳನ್ನು ಸರ್ಕಾರ ಕಲ್ಪಿಸಬೇಕು ಎಂದು ಪ್ರದೀಪ್ ತಿಳಿಸಿದರು. ಈ ವೇಳೆ ಒಕ್ಕೂಟದ ಪದಾಧಿಕಾರಿಗಳಾದ ಕಾರ್ಯದರ್ಶಿ ಕಿರಣ್ ಪ್ರಸಾದ್, ನಿಕಟ ಪೂರ್ವ ಅಧ್ಯಕ್ಷ ಪಟೇಲ್ ಸಿ.ರಾಜು ಮುಂತಾದವರು ಉಪಸ್ಥಿತರಿದ್ದರು.
